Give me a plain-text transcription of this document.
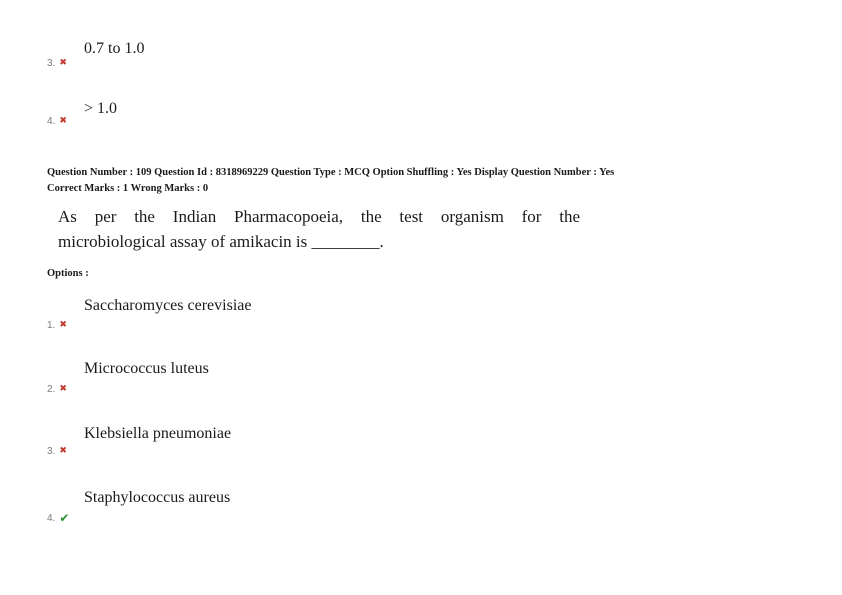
0.7 to 1.0
3. ✖
> 1.0
4. ✖
Question Number : 109 Question Id : 8318969229 Question Type : MCQ Option Shuffling : Yes Display Question Number : Yes
Correct Marks : 1 Wrong Marks : 0
As per the Indian Pharmacopoeia, the test organism for the
microbiological assay of amikacin is ________.
Options :
Saccharomyces cerevisiae
1. ✖
Micrococcus luteus
2. ✖
Klebsiella pneumoniae
3. ✖
Staphylococcus aureus
4. ✔
